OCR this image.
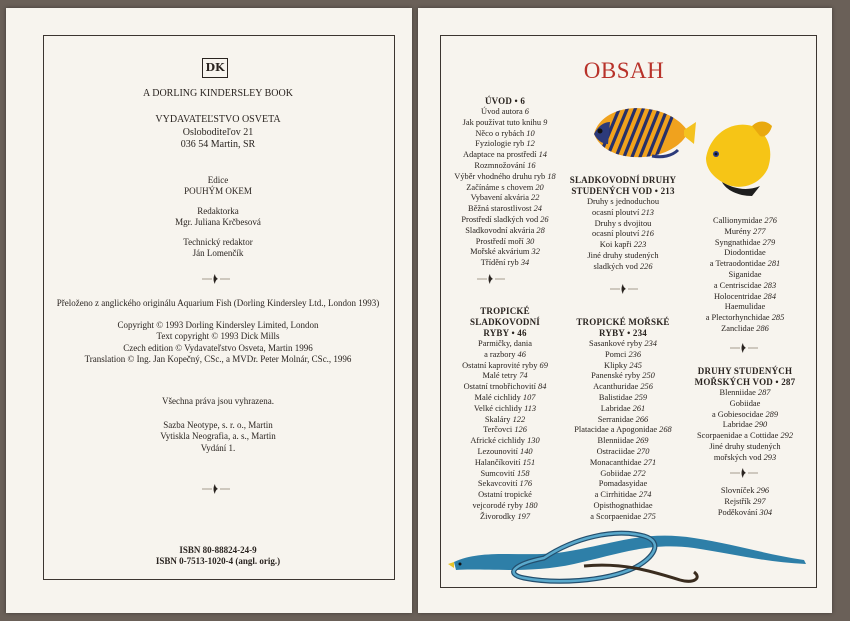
DK
A DORLING KINDERSLEY BOOK
VYDAVATEĽSTVO OSVETA
Osloboditeľov 21
036 54 Martin, SR
Edice
POUHÝM OKEM
Redaktorka
Mgr. Juliana Krčbesová
Technický redaktor
Ján Lomenčík
Přeloženo z anglického originálu Aquarium Fish (Dorling Kindersley Ltd., London 1993)
Copyright © 1993 Dorling Kindersley Limited, London
Text copyright © 1993 Dick Mills
Czech edition © Vydavateľstvo Osveta, Martin 1996
Translation © Ing. Jan Kopečný, CSc., a MVDr. Peter Molnár, CSc., 1996
Všechna práva jsou vyhrazena.
Sazba Neotype, s. r. o., Martin
Vytiskla Neografia, a. s., Martin
Vydání 1.
ISBN 80-88824-24-9
ISBN 0-7513-1020-4 (angl. orig.)
OBSAH
ÚVOD • 6
Úvod autora 6
Jak používat tuto knihu 9
Něco o rybách 10
Fyziologie ryb 12
Adaptace na prostředí 14
Rozmnožování 16
Výběr vhodného druhu ryb 18
Začínáme s chovem 20
Vybavení akvária 22
Běžná starostlivost 24
Prostředí sladkých vod 26
Sladkovodní akvária 28
Prostředí moří 30
Mořské akvárium 32
Třídění ryb 34
TROPICKÉ
SLADKOVODNÍ
RYBY • 46
Parmičky, dania
a razbory 46
Ostatní kaprovité ryby 69
Malé tetry 74
Ostatní trnobřichovití 84
Malé cichlidy 107
Velké cichlidy 113
Skaláry 122
Terčovci 126
Africké cichlidy 130
Lezounovití 140
Halančíkovití 151
Sumcovití 158
Sekavcovití 176
Ostatní tropické
vejcorodé ryby 180
Živorodky 197
SLADKOVODNÍ DRUHY
STUDENÝCH VOD • 213
Druhy s jednoduchou
ocasní ploutví 213
Druhy s dvojitou
ocasní ploutví 216
Koi kapři 223
Jiné druhy studených
sladkých vod 226
TROPICKÉ MOŘSKÉ
RYBY • 234
Sasankové ryby 234
Pomci 236
Klipky 245
Panenské ryby 250
Acanthuridae 256
Balistidae 259
Labridae 261
Serranidae 266
Platacidae a Apogonidae 268
Blenniidae 269
Ostraciidae 270
Monacanthidae 271
Gobiidae 272
Pomadasyidae
a Cirrhitidae 274
Opisthognathidae
a Scorpaenidae 275
Callionymidae 276
Murény 277
Syngnathidae 279
Diodontidae
a Tetraodontidae 281
Siganidae
a Centriscidae 283
Holocentridae 284
Haemulidae
a Plectorhynchidae 285
Zanclidae 286
DRUHY STUDENÝCH
MOŘSKÝCH VOD • 287
Blenniidae 287
Gobiidae
a Gobiesocidae 289
Labridae 290
Scorpaenidae a Cottidae 292
Jiné druhy studených
mořských vod 293
Slovníček 296
Rejstřík 297
Poděkování 304
